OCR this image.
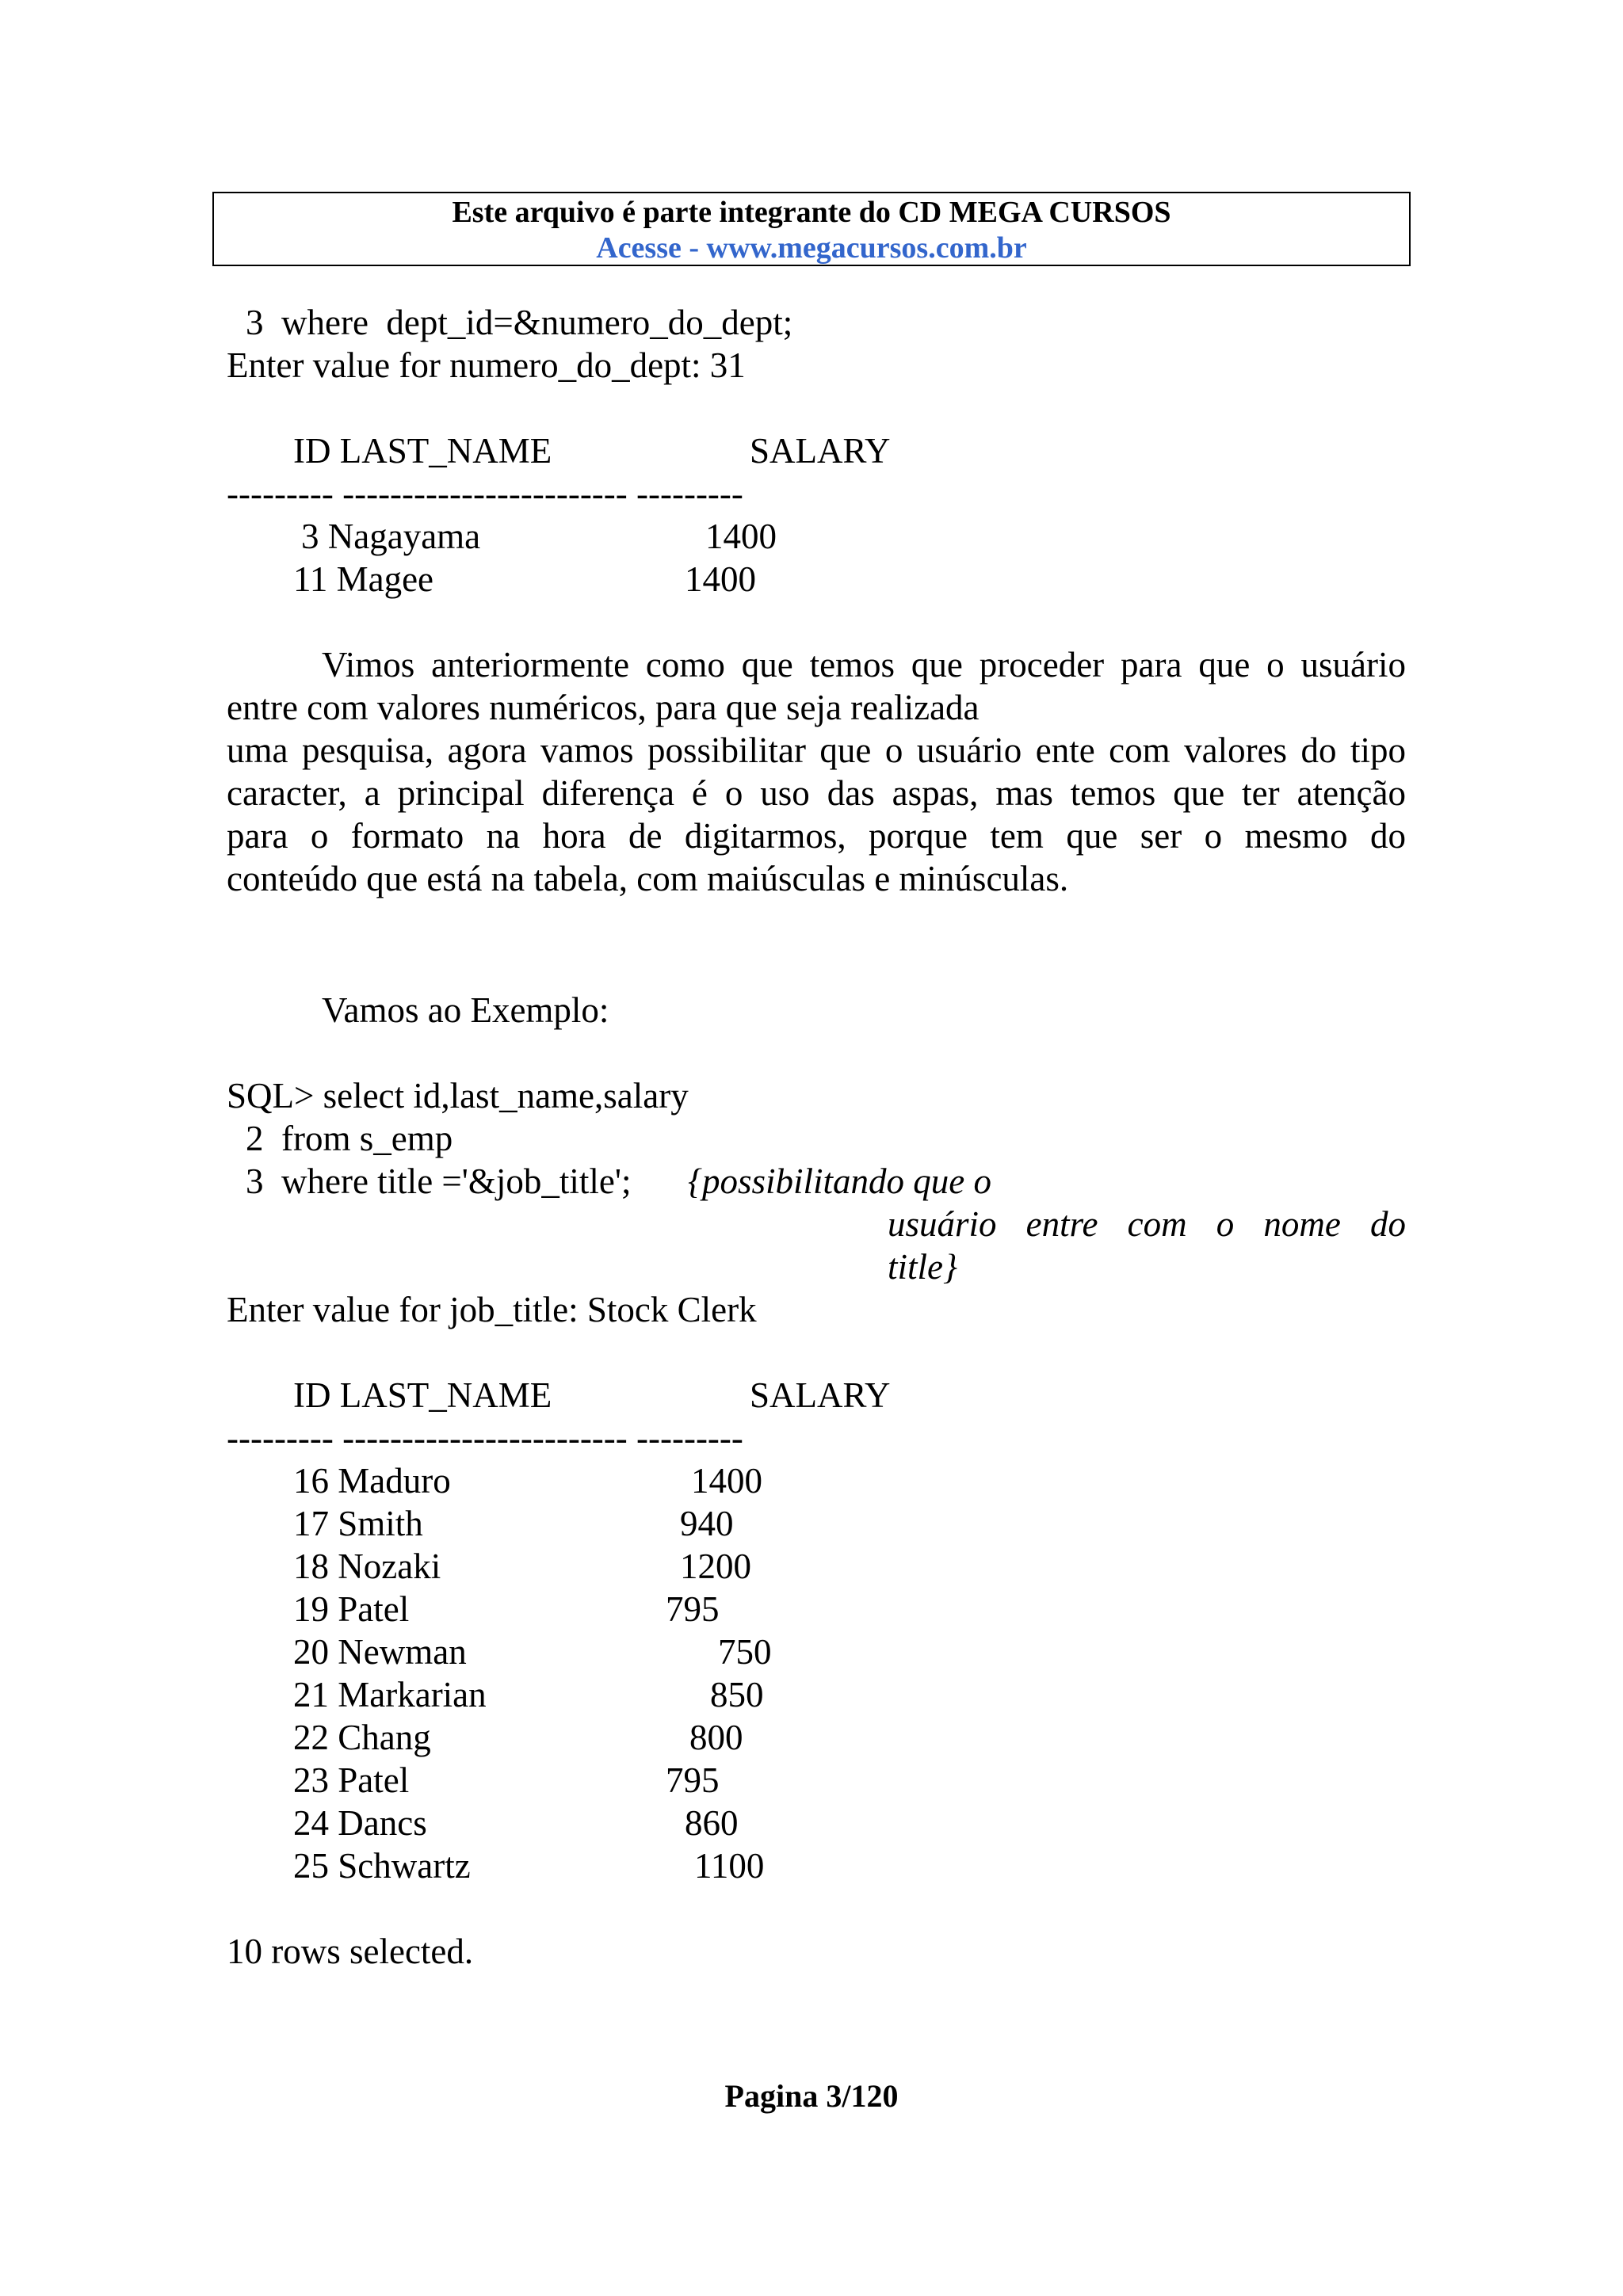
Este arquivo é parte integrante do CD MEGA CURSOS
Acesse - www.megacursos.com.br
3  where  dept_id=&numero_do_dept;
Enter value for numero_do_dept: 31
ID LAST_NAME	SALARY
--------- ------------------------ ---------
3 Nagayama	1400
11 Magee	1400
Vimos anteriormente como que temos que proceder para que o usuário
entre com valores numéricos, para que seja realizada
uma pesquisa, agora vamos possibilitar que o usuário ente com valores do tipo
caracter, a principal diferença é o uso das aspas, mas temos que ter atenção
para o formato na hora de digitarmos, porque tem que ser o mesmo do
conteúdo que está na tabela, com maiúsculas e minúsculas.
Vamos ao Exemplo:
SQL> select id,last_name,salary
2  from s_emp
3  where title ='&job_title'; {possibilitando que o
usuário entre com o nome do
title}
Enter value for job_title: Stock Clerk
ID LAST_NAME	SALARY
--------- ------------------------ ---------
16 Maduro	1400
17 Smith	940
18 Nozaki	1200
19 Patel	795
20 Newman	750
21 Markarian	850
22 Chang	800
23 Patel	795
24 Dancs	860
25 Schwartz	1100
10 rows selected.
Pagina 3/120
